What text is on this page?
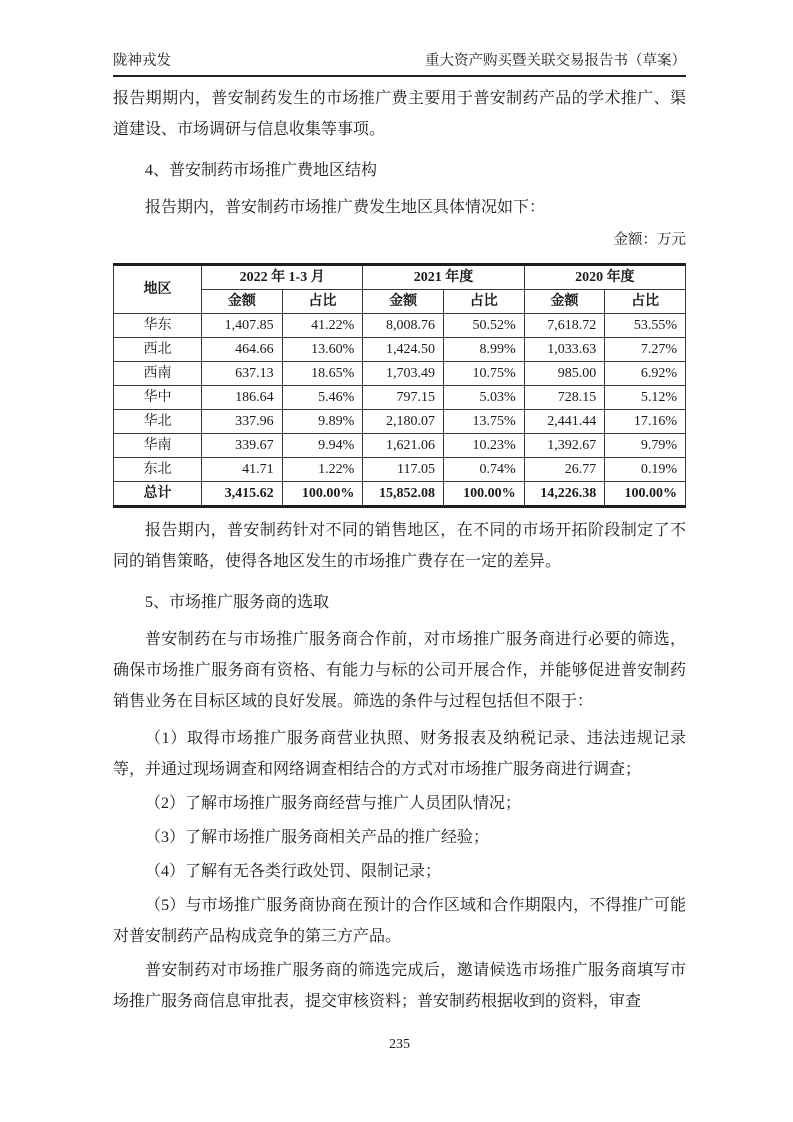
陇神戎发	重大资产购买暨关联交易报告书（草案）

报告期期内，普安制药发生的市场推广费主要用于普安制药产品的学术推广、渠道建设、市场调研与信息收集等事项。

4、普安制药市场推广费地区结构

报告期内，普安制药市场推广费发生地区具体情况如下：

金额：万元
地区	2022 年 1-3 月		2021 年度		2020 年度	
	金额	占比	金额	占比	金额	占比
华东	1,407.85	41.22%	8,008.76	50.52%	7,618.72	53.55%
西北	464.66	13.60%	1,424.50	8.99%	1,033.63	7.27%
西南	637.13	18.65%	1,703.49	10.75%	985.00	6.92%
华中	186.64	5.46%	797.15	5.03%	728.15	5.12%
华北	337.96	9.89%	2,180.07	13.75%	2,441.44	17.16%
华南	339.67	9.94%	1,621.06	10.23%	1,392.67	9.79%
东北	41.71	1.22%	117.05	0.74%	26.77	0.19%
总计	3,415.62	100.00%	15,852.08	100.00%	14,226.38	100.00%

报告期内，普安制药针对不同的销售地区，在不同的市场开拓阶段制定了不同的销售策略，使得各地区发生的市场推广费存在一定的差异。

5、市场推广服务商的选取

普安制药在与市场推广服务商合作前，对市场推广服务商进行必要的筛选，确保市场推广服务商有资格、有能力与标的公司开展合作，并能够促进普安制药销售业务在目标区域的良好发展。筛选的条件与过程包括但不限于：

（1）取得市场推广服务商营业执照、财务报表及纳税记录、违法违规记录等，并通过现场调查和网络调查相结合的方式对市场推广服务商进行调查；

（2）了解市场推广服务商经营与推广人员团队情况；

（3）了解市场推广服务商相关产品的推广经验；

（4）了解有无各类行政处罚、限制记录；

（5）与市场推广服务商协商在预计的合作区域和合作期限内，不得推广可能对普安制药产品构成竞争的第三方产品。

普安制药对市场推广服务商的筛选完成后，邀请候选市场推广服务商填写市场推广服务商信息审批表，提交审核资料；普安制药根据收到的资料，审查

235
